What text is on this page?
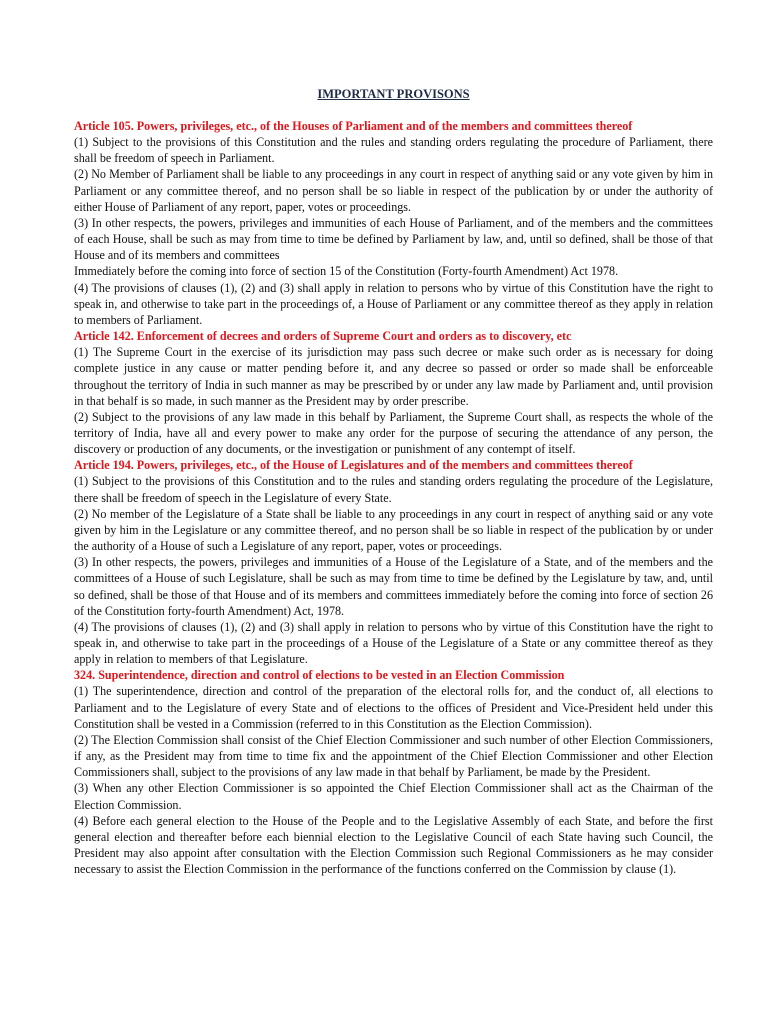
IMPORTANT PROVISONS

Article 105. Powers, privileges, etc., of the Houses of Parliament and of the members and committees thereof

(1) Subject to the provisions of this Constitution and the rules and standing orders regulating the procedure of Parliament, there shall be freedom of speech in Parliament.

(2) No Member of Parliament shall be liable to any proceedings in any court in respect of anything said or any vote given by him in Parliament or any committee thereof, and no person shall be so liable in respect of the publication by or under the authority of either House of Parliament of any report, paper, votes or proceedings.

(3) In other respects, the powers, privileges and immunities of each House of Parliament, and of the members and the committees of each House, shall be such as may from time to time be defined by Parliament by law, and, until so defined, shall be those of that House and of its members and committees

Immediately before the coming into force of section 15 of the Constitution (Forty-fourth Amendment) Act 1978.

(4) The provisions of clauses (1), (2) and (3) shall apply in relation to persons who by virtue of this Constitution have the right to speak in, and otherwise to take part in the proceedings of, a House of Parliament or any committee thereof as they apply in relation to members of Parliament.

Article 142. Enforcement of decrees and orders of Supreme Court and orders as to discovery, etc

(1) The Supreme Court in the exercise of its jurisdiction may pass such decree or make such order as is necessary for doing complete justice in any cause or matter pending before it, and any decree so passed or order so made shall be enforceable throughout the territory of India in such manner as may be prescribed by or under any law made by Parliament and, until provision in that behalf is so made, in such manner as the President may by order prescribe.

(2) Subject to the provisions of any law made in this behalf by Parliament, the Supreme Court shall, as respects the whole of the territory of India, have all and every power to make any order for the purpose of securing the attendance of any person, the discovery or production of any documents, or the investigation or punishment of any contempt of itself.

Article 194. Powers, privileges, etc., of the House of Legislatures and of the members and committees thereof

(1) Subject to the provisions of this Constitution and to the rules and standing orders regulating the procedure of the Legislature, there shall be freedom of speech in the Legislature of every State.

(2) No member of the Legislature of a State shall be liable to any proceedings in any court in respect of anything said or any vote given by him in the Legislature or any committee thereof, and no person shall be so liable in respect of the publication by or under the authority of a House of such a Legislature of any report, paper, votes or proceedings.

(3) In other respects, the powers, privileges and immunities of a House of the Legislature of a State, and of the members and the committees of a House of such Legislature, shall be such as may from time to time be defined by the Legislature by taw, and, until so defined, shall be those of that House and of its members and committees immediately before the coming into force of section 26 of the Constitution forty-fourth Amendment) Act, 1978.

(4) The provisions of clauses (1), (2) and (3) shall apply in relation to persons who by virtue of this Constitution have the right to speak in, and otherwise to take part in the proceedings of a House of the Legislature of a State or any committee thereof as they apply in relation to members of that Legislature.

324. Superintendence, direction and control of elections to be vested in an Election Commission

(1) The superintendence, direction and control of the preparation of the electoral rolls for, and the conduct of, all elections to Parliament and to the Legislature of every State and of elections to the offices of President and Vice-President held under this Constitution shall be vested in a Commission (referred to in this Constitution as the Election Commission).

(2) The Election Commission shall consist of the Chief Election Commissioner and such number of other Election Commissioners, if any, as the President may from time to time fix and the appointment of the Chief Election Commissioner and other Election Commissioners shall, subject to the provisions of any law made in that behalf by Parliament, be made by the President.

(3) When any other Election Commissioner is so appointed the Chief Election Commissioner shall act as the Chairman of the Election Commission.

(4) Before each general election to the House of the People and to the Legislative Assembly of each State, and before the first general election and thereafter before each biennial election to the Legislative Council of each State having such Council, the President may also appoint after consultation with the Election Commission such Regional Commissioners as he may consider necessary to assist the Election Commission in the performance of the functions conferred on the Commission by clause (1).
